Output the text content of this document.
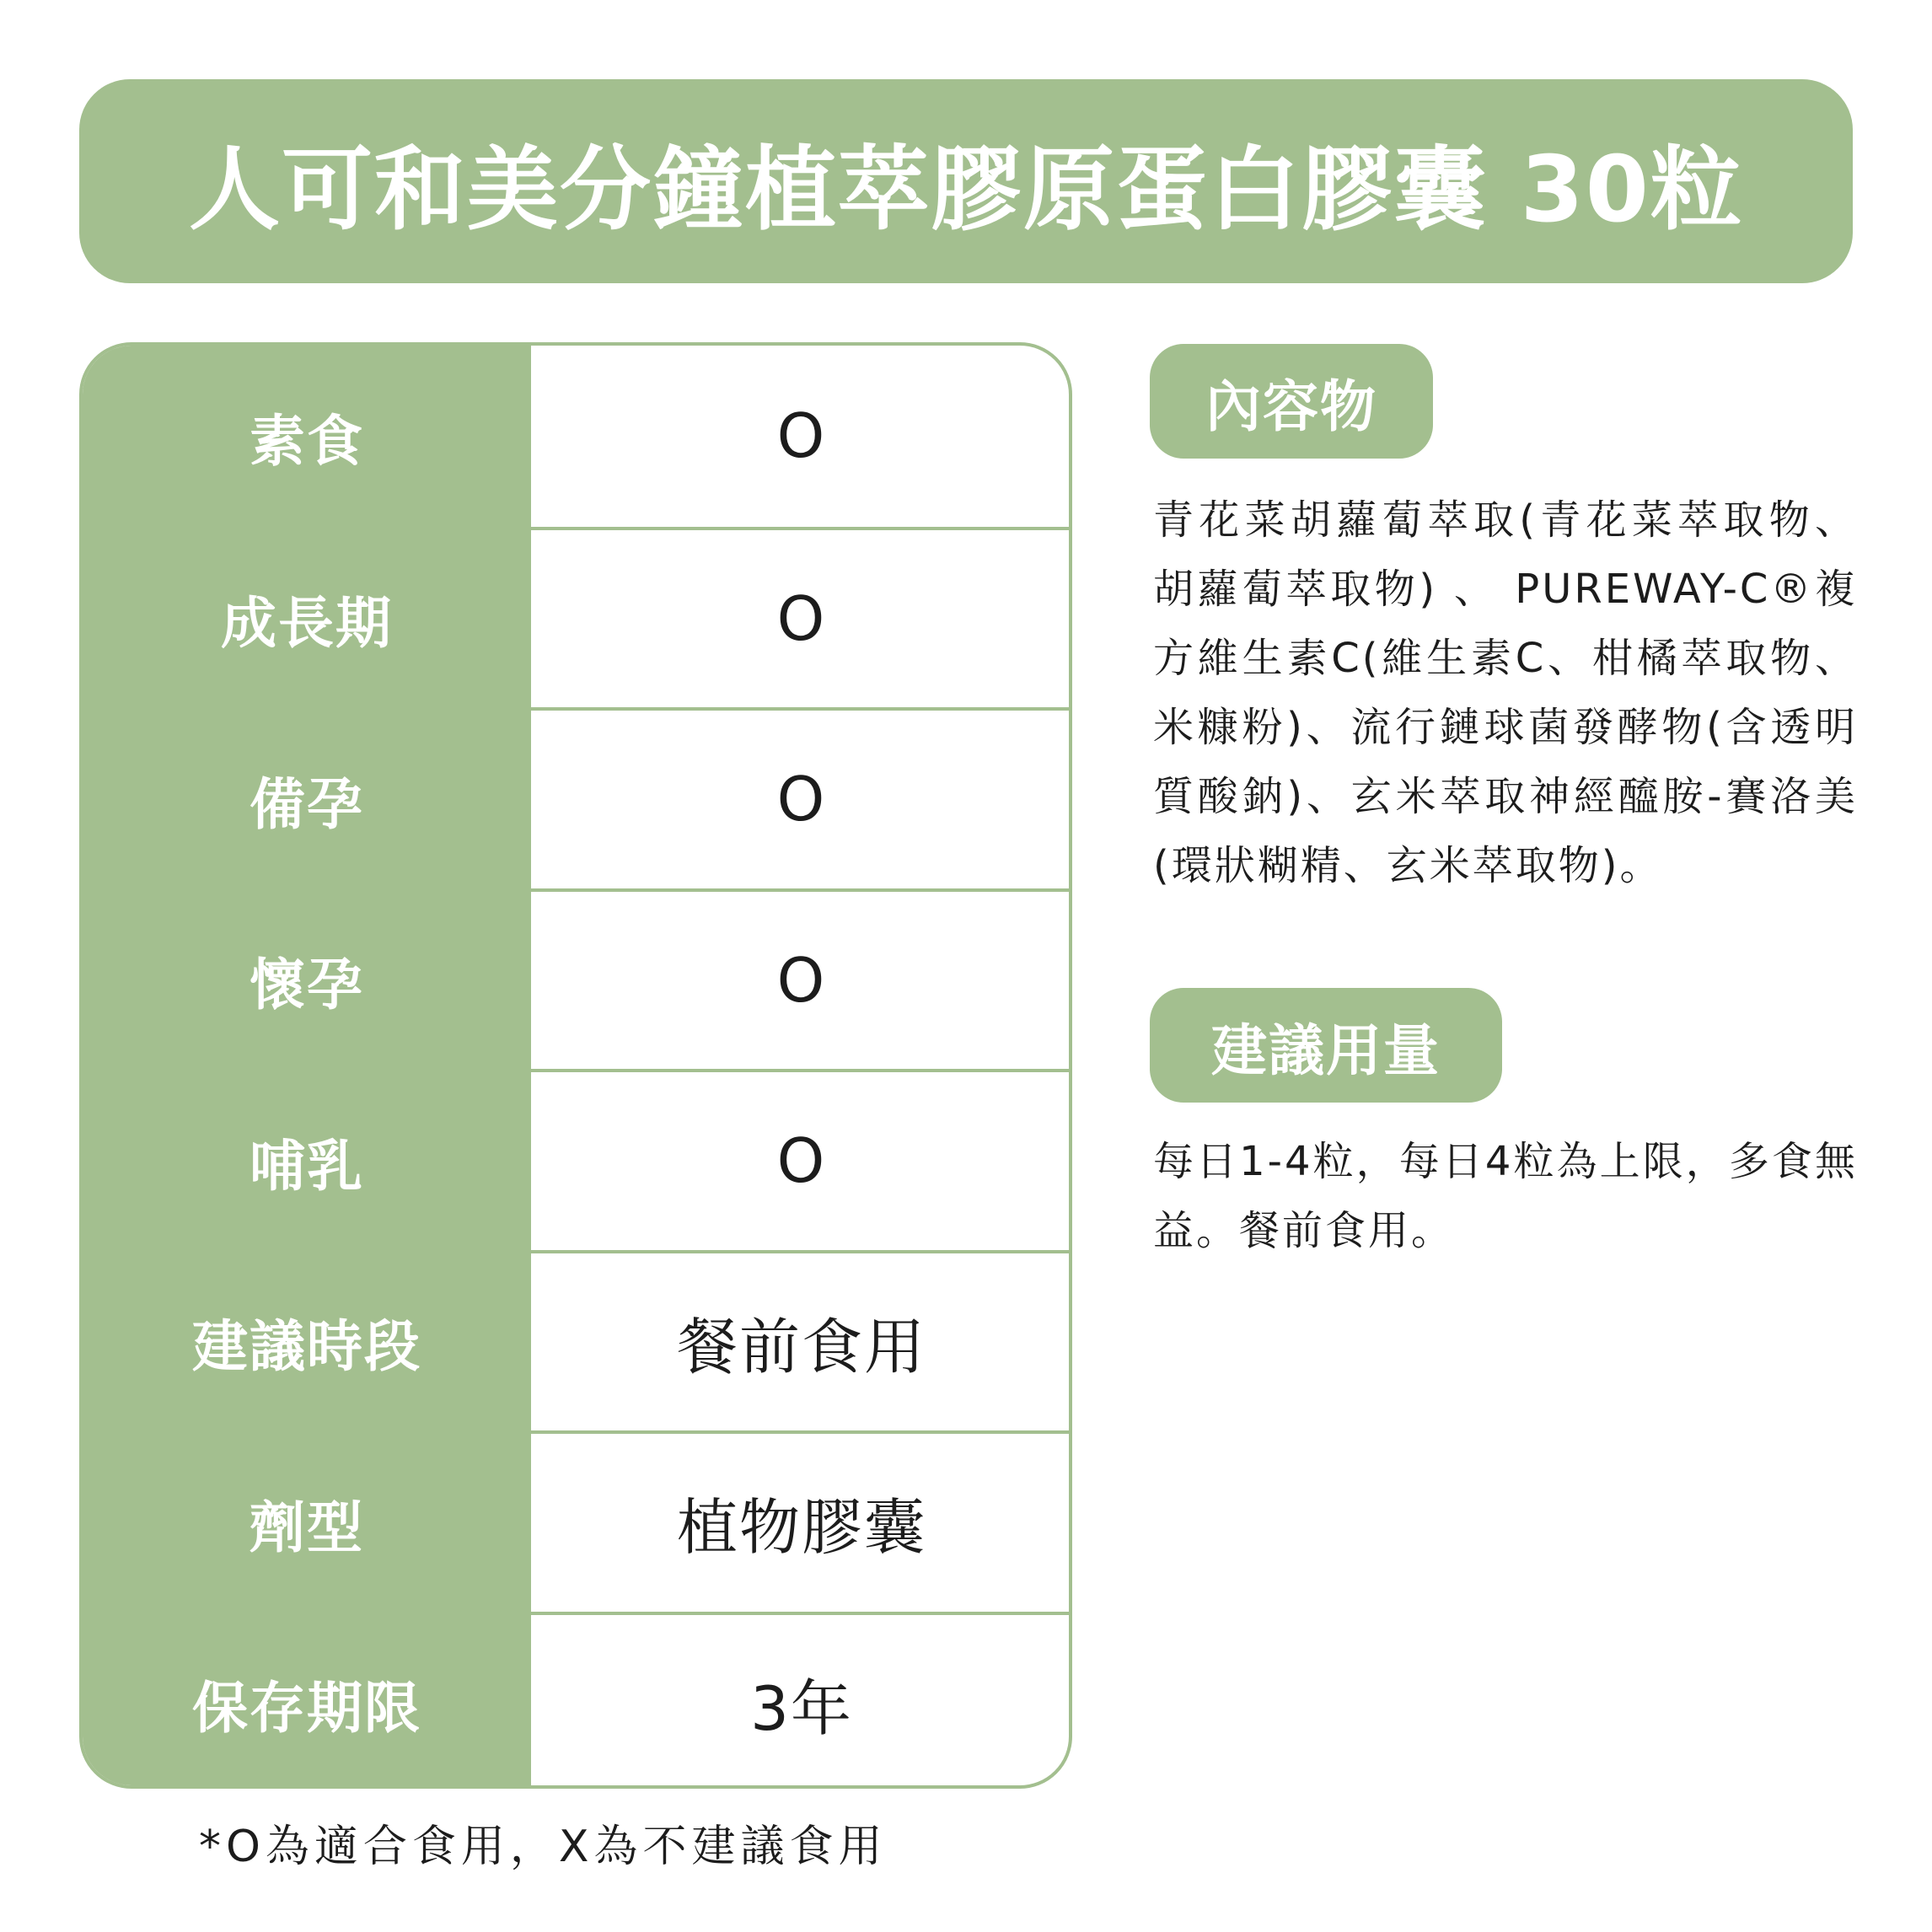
人可和美分鐘植萃膠原蛋白膠囊 30粒
素食	O
成長期	O
備孕	O
懷孕	O
哺乳	O
建議時段	餐前食用
劑型	植物膠囊
保存期限	3年
*O為適合食用，X為不建議食用
內容物

青花菜胡蘿蔔萃取(青花菜萃取物、胡蘿蔔萃取物) 、 PUREWAY-C®複方維生素C(維生素C、柑橘萃取物、米糠粉)、流行鏈球菌發酵物(含透明質酸鈉)、玄米萃取神經醯胺-賽洛美(環狀糊精、玄米萃取物)。

建議用量

每日1-4粒，每日4粒為上限，多食無益。餐前食用。
